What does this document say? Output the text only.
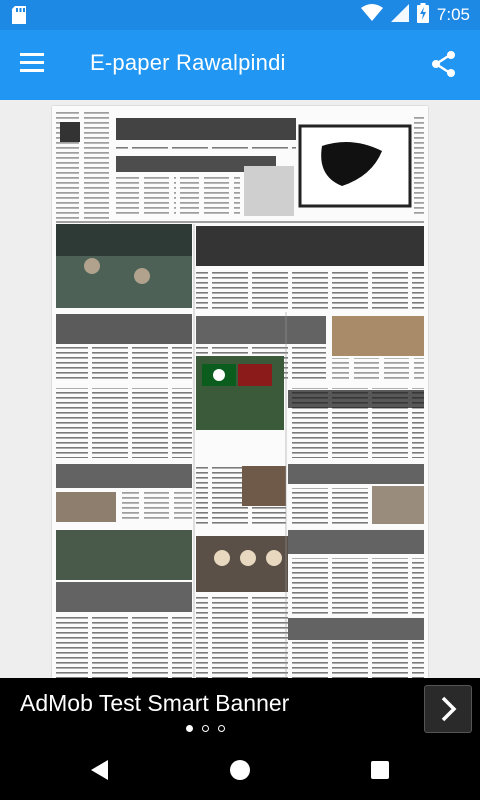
7:05
E-paper Rawalpindi
AdMob Test Smart Banner
